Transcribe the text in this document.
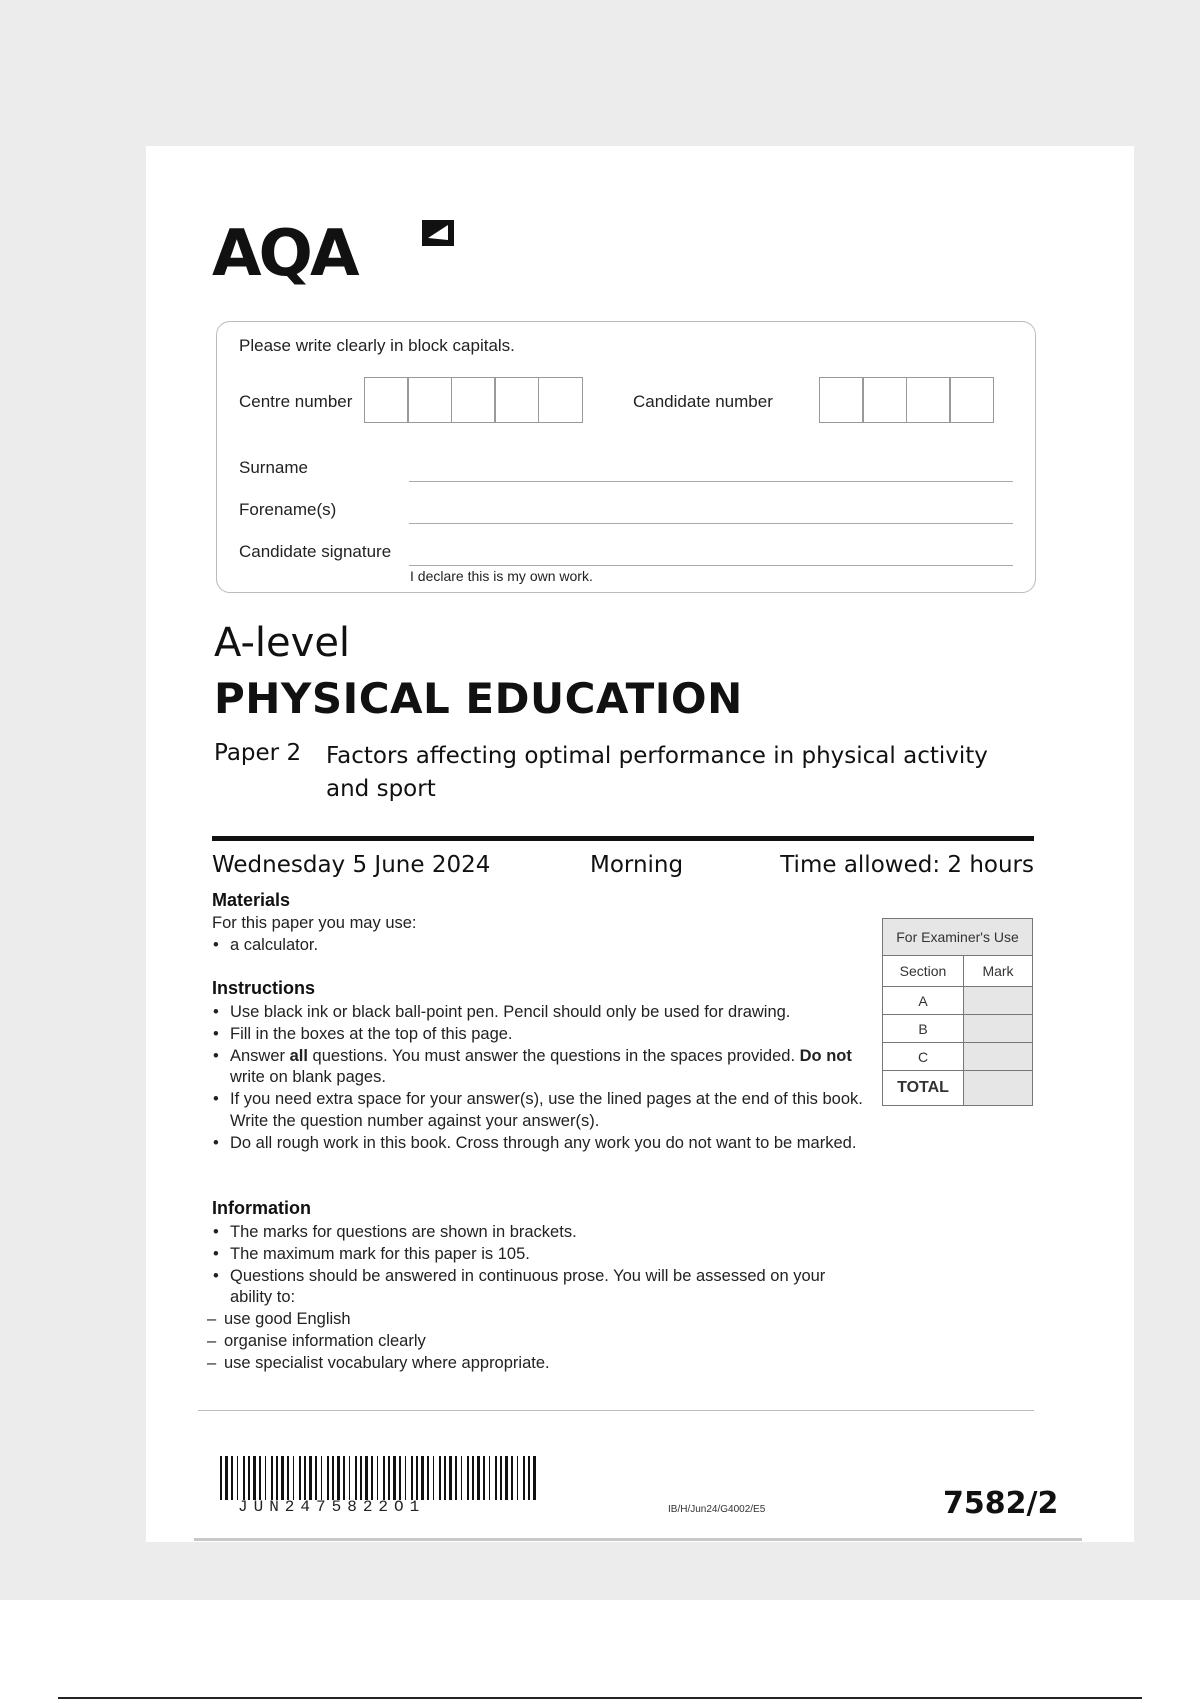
AQA
Please write clearly in block capitals.
Centre number	Candidate number
Surname
Forename(s)
Candidate signature
I declare this is my own work.
A-level
PHYSICAL EDUCATION
Paper 2 Factors affecting optimal performance in physical activity and sport
Wednesday 5 June 2024	Morning	Time allowed: 2 hours
Materials
For this paper you may use:
• a calculator.
Instructions
• Use black ink or black ball-point pen. Pencil should only be used for drawing.
• Fill in the boxes at the top of this page.
• Answer all questions. You must answer the questions in the spaces provided. Do not write on blank pages.
• If you need extra space for your answer(s), use the lined pages at the end of this book. Write the question number against your answer(s).
• Do all rough work in this book. Cross through any work you do not want to be marked.
Information
• The marks for questions are shown in brackets.
• The maximum mark for this paper is 105.
• Questions should be answered in continuous prose. You will be assessed on your ability to:
– use good English
– organise information clearly
– use specialist vocabulary where appropriate.
For Examiner's Use	
Section	Mark
A	
B	
C	
TOTAL	
JUN2475822O1	IB/H/Jun24/G4002/E5	7582/2
